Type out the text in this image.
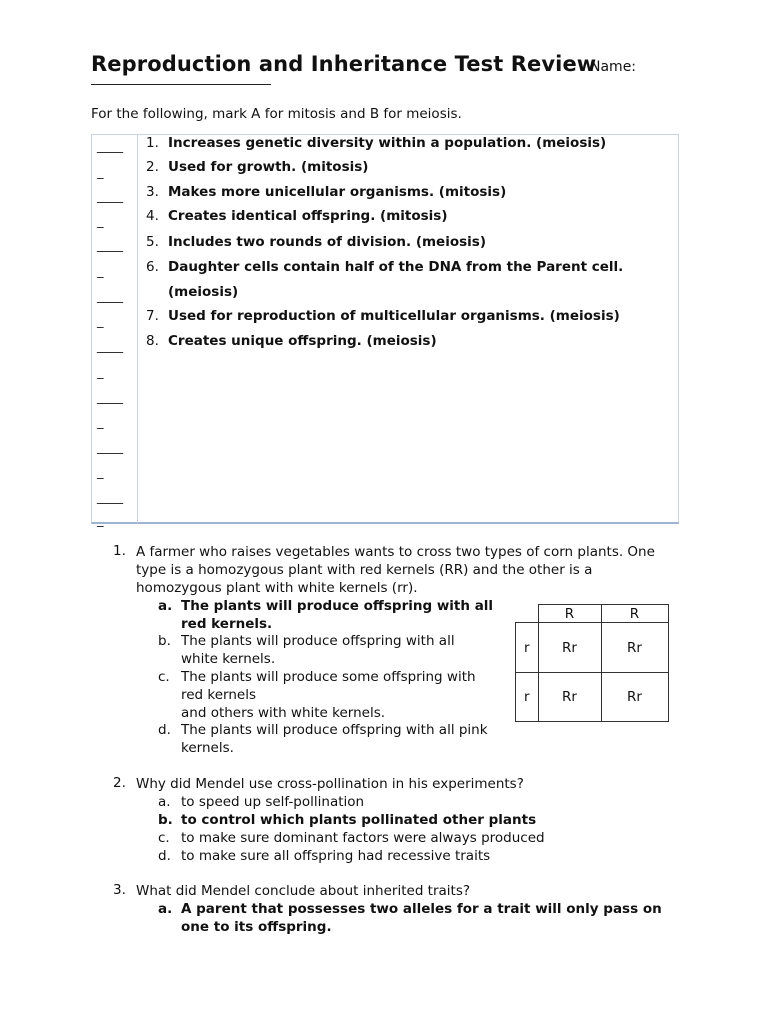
Reproduction and Inheritance Test Review
Name:
For the following, mark A for mitosis and B for meiosis.
____
_
____
_
____
_
____
_
____
_
____
_
____
_
____
_
1. Increases genetic diversity within a population. (meiosis)
2. Used for growth. (mitosis)
3. Makes more unicellular organisms. (mitosis)
4. Creates identical offspring. (mitosis)
5. Includes two rounds of division. (meiosis)
6. Daughter cells contain half of the DNA from the Parent cell.
(meiosis)
7. Used for reproduction of multicellular organisms. (meiosis)
8. Creates unique offspring. (meiosis)
1. A farmer who raises vegetables wants to cross two types of corn plants. One type is a homozygous plant with red kernels (RR) and the other is a homozygous plant with white kernels (rr).
a. The plants will produce offspring with all red kernels.
b. The plants will produce offspring with all white kernels.
c. The plants will produce some offspring with red kernels
and others with white kernels.
d. The plants will produce offspring with all pink kernels.
	R	R
r	Rr	Rr
r	Rr	Rr
2. Why did Mendel use cross-pollination in his experiments?
a. to speed up self-pollination
b. to control which plants pollinated other plants
c. to make sure dominant factors were always produced
d. to make sure all offspring had recessive traits
3. What did Mendel conclude about inherited traits?
a. A parent that possesses two alleles for a trait will only pass on one to its offspring.
